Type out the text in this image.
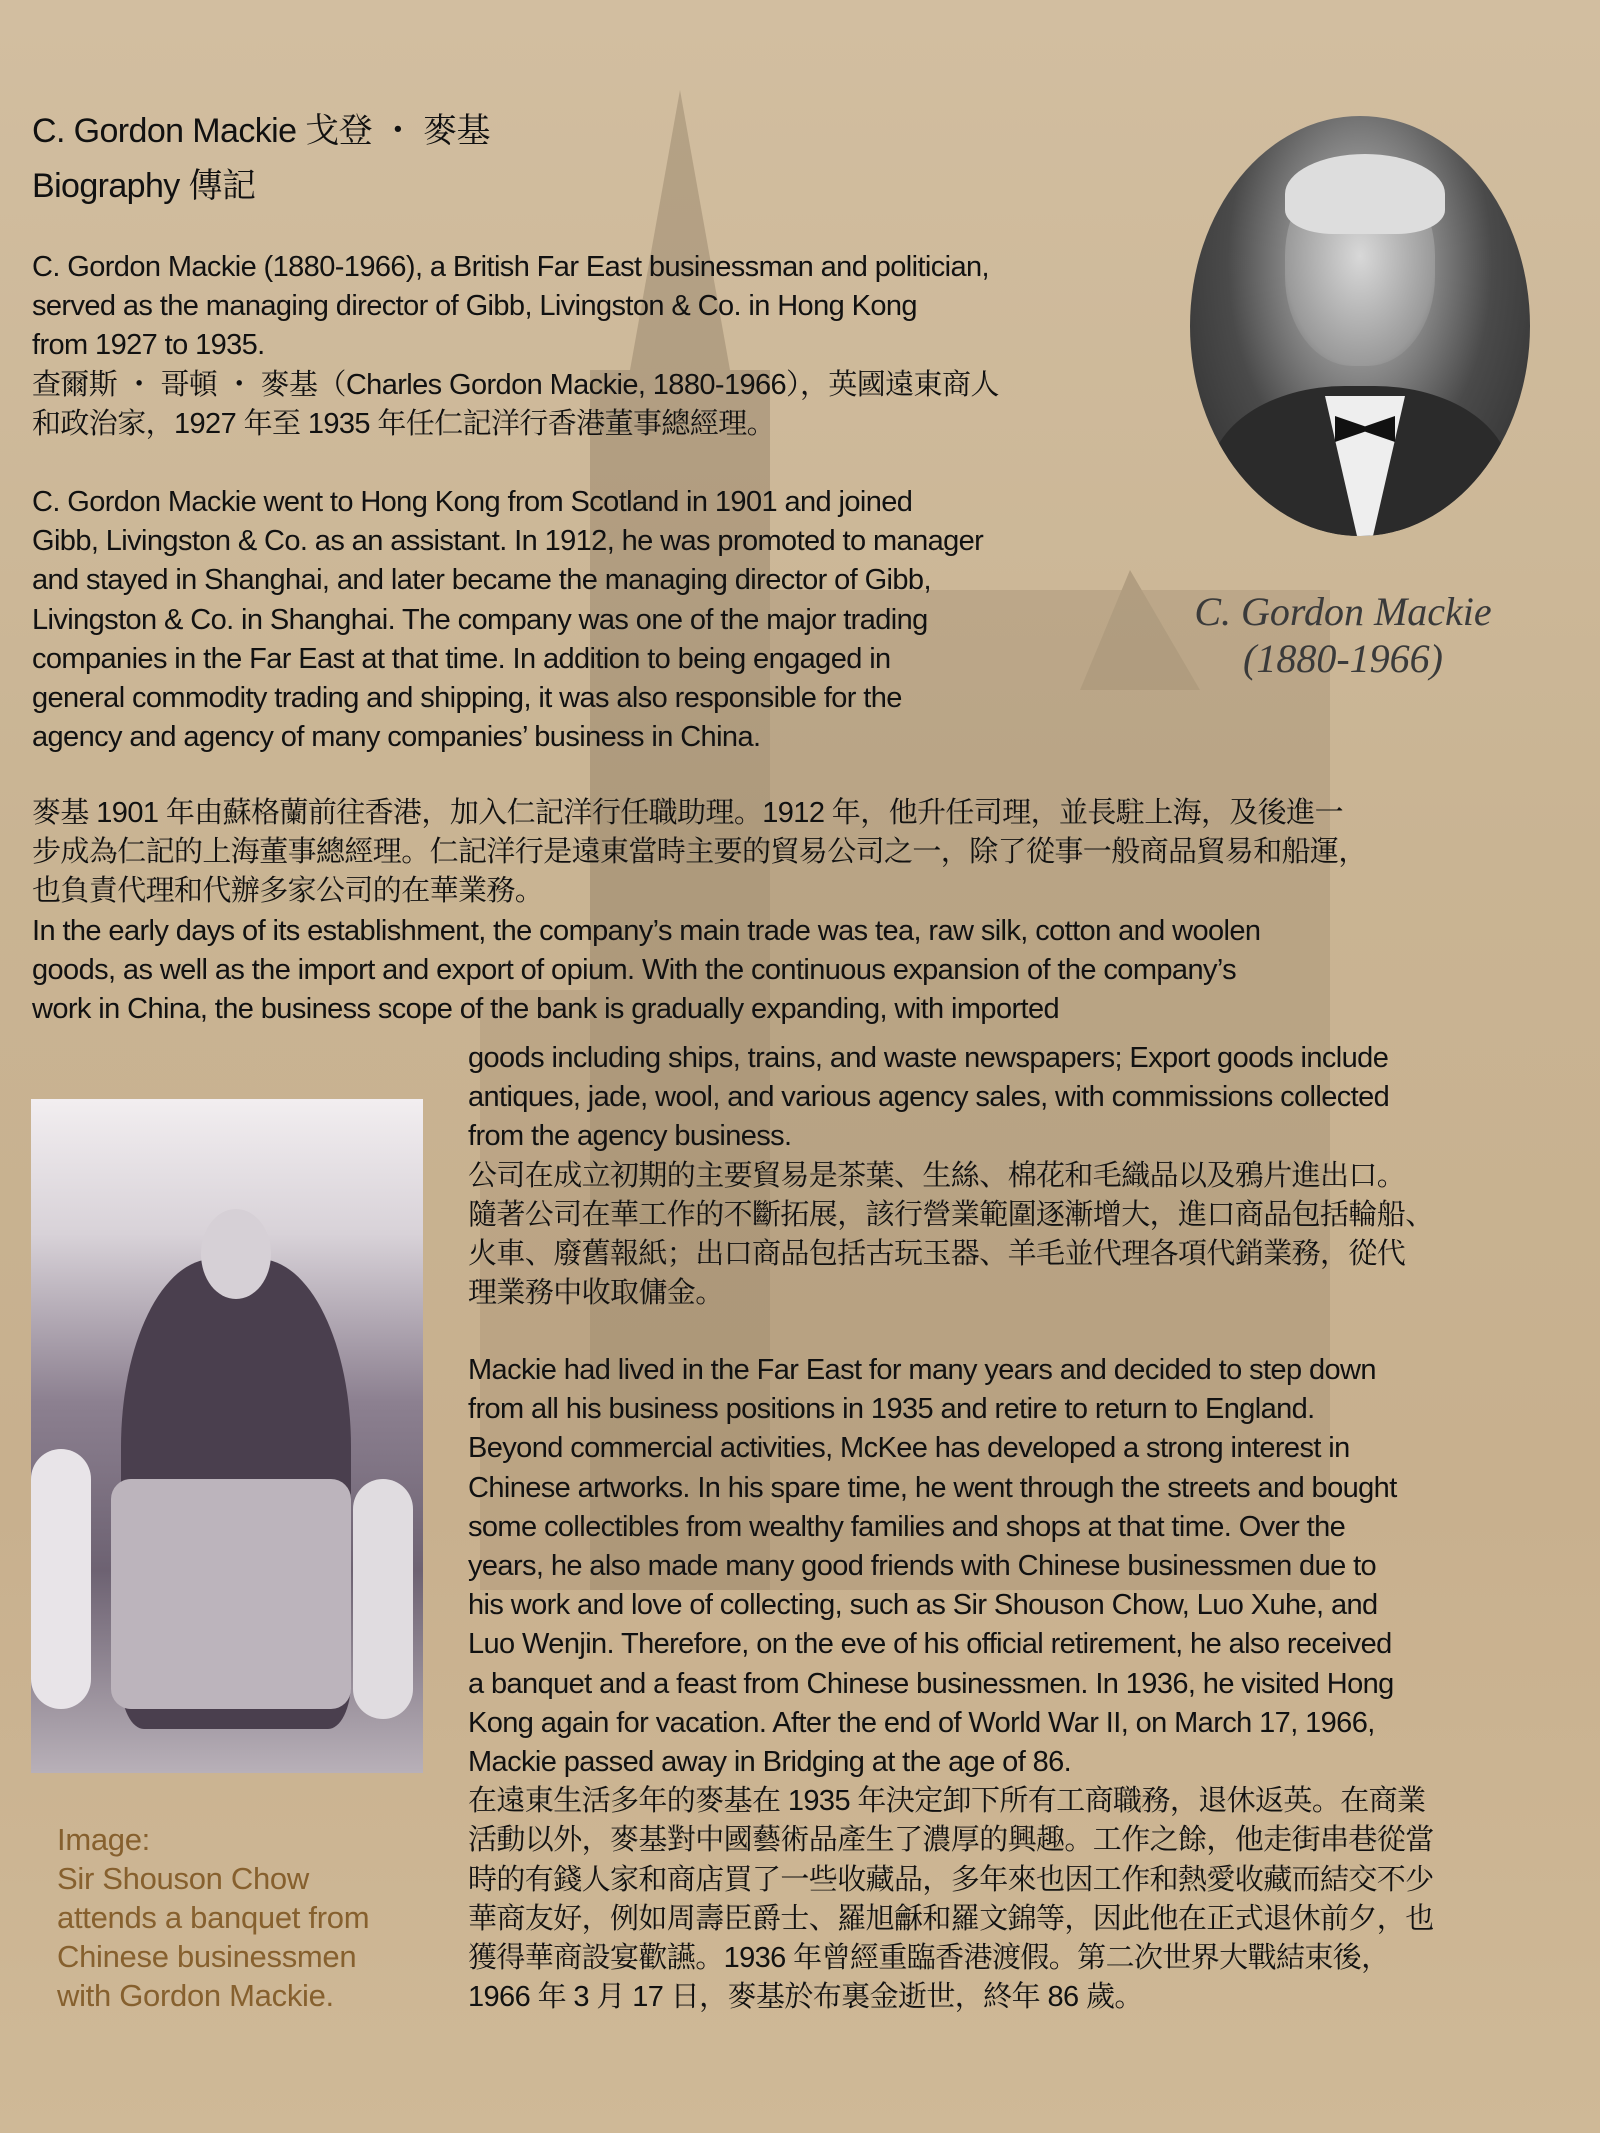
C. Gordon Mackie 戈登 ・ 麥基
Biography 傳記
C. Gordon Mackie (1880-1966), a British Far East businessman and politician,
served as the managing director of Gibb, Livingston & Co. in Hong Kong
from 1927 to 1935.
查爾斯 ・ 哥頓 ・ 麥基（Charles Gordon Mackie, 1880-1966），英國遠東商人
和政治家，1927 年至 1935 年任仁記洋行香港董事總經理。
C. Gordon Mackie went to Hong Kong from Scotland in 1901 and joined
Gibb, Livingston & Co. as an assistant. In 1912, he was promoted to manager
and stayed in Shanghai, and later became the managing director of Gibb,
Livingston & Co. in Shanghai. The company was one of the major trading
companies in the Far East at that time. In addition to being engaged in
general commodity trading and shipping, it was also responsible for the
agency and agency of many companies’ business in China.
麥基 1901 年由蘇格蘭前往香港，加入仁記洋行任職助理。1912 年，他升任司理，並長駐上海，及後進一
步成為仁記的上海董事總經理。仁記洋行是遠東當時主要的貿易公司之一，除了從事一般商品貿易和船運，
也負責代理和代辦多家公司的在華業務。
In the early days of its establishment, the company’s main trade was tea, raw silk, cotton and woolen
goods, as well as the import and export of opium. With the continuous expansion of the company’s
work in China, the business scope of the bank is gradually expanding, with imported
goods including ships, trains, and waste newspapers; Export goods include
antiques, jade, wool, and various agency sales, with commissions collected
from the agency business.
公司在成立初期的主要貿易是茶葉、生絲、棉花和毛織品以及鴉片進出口。
隨著公司在華工作的不斷拓展，該行營業範圍逐漸增大，進口商品包括輪船、
火車、廢舊報紙；出口商品包括古玩玉器、羊毛並代理各項代銷業務，從代
理業務中收取傭金。
Mackie had lived in the Far East for many years and decided to step down
from all his business positions in 1935 and retire to return to England.
Beyond commercial activities, McKee has developed a strong interest in
Chinese artworks. In his spare time, he went through the streets and bought
some collectibles from wealthy families and shops at that time. Over the
years, he also made many good friends with Chinese businessmen due to
his work and love of collecting, such as Sir Shouson Chow, Luo Xuhe, and
Luo Wenjin. Therefore, on the eve of his official retirement, he also received
a banquet and a feast from Chinese businessmen. In 1936, he visited Hong
Kong again for vacation. After the end of World War II, on March 17, 1966,
Mackie passed away in Bridging at the age of 86.
在遠東生活多年的麥基在 1935 年決定卸下所有工商職務，退休返英。在商業
活動以外，麥基對中國藝術品產生了濃厚的興趣。工作之餘，他走街串巷從當
時的有錢人家和商店買了一些收藏品，多年來也因工作和熱愛收藏而結交不少
華商友好，例如周壽臣爵士、羅旭龢和羅文錦等，因此他在正式退休前夕，也
獲得華商設宴歡讌。1936 年曾經重臨香港渡假。第二次世界大戰結束後，
1966 年 3 月 17 日，麥基於布裏金逝世，終年 86 歲。
C. Gordon Mackie
(1880-1966)
Image:
Sir Shouson Chow
attends a banquet from
Chinese businessmen
with Gordon Mackie.
